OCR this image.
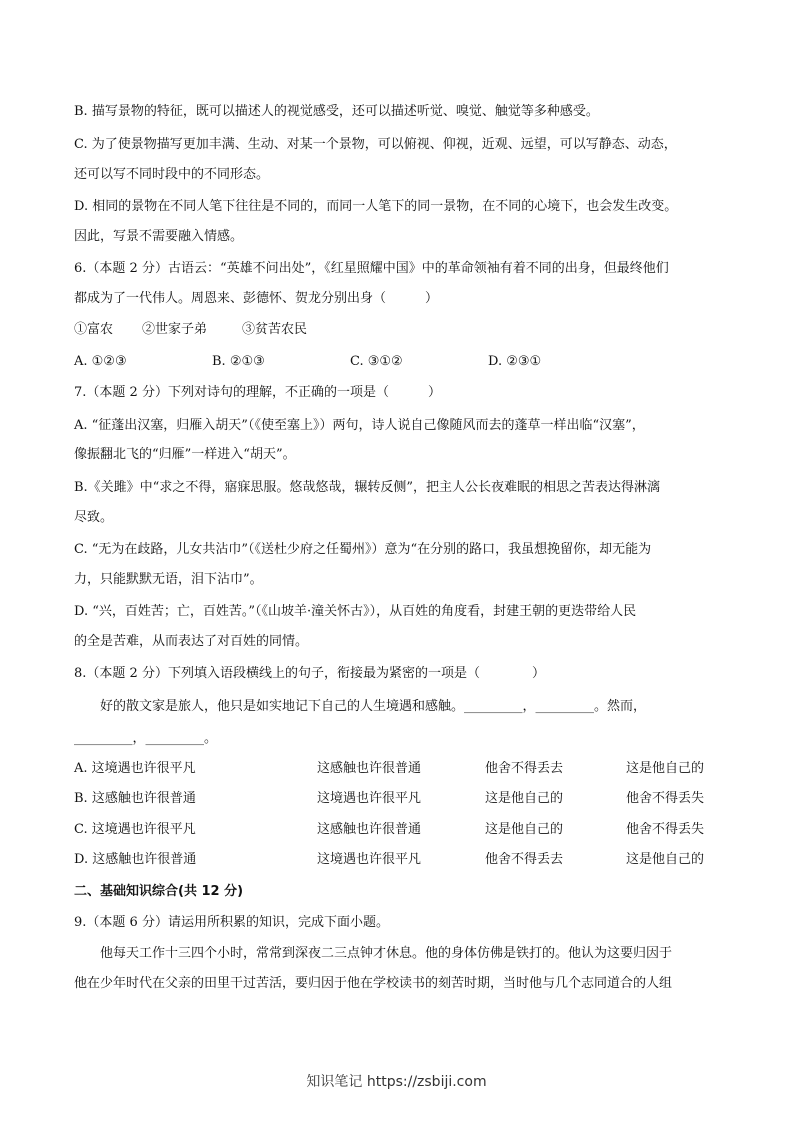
B. 描写景物的特征，既可以描述人的视觉感受，还可以描述听觉、嗅觉、触觉等多种感受。
C. 为了使景物描写更加丰满、生动、对某一个景物，可以俯视、仰视，近观、远望，可以写静态、动态，
还可以写不同时段中的不同形态。
D. 相同的景物在不同人笔下往往是不同的，而同一人笔下的同一景物，在不同的心境下，也会发生改变。
因此，写景不需要融入情感。
6.（本题 2 分）古语云：“英雄不问出处”，《红星照耀中国》中的革命领袖有着不同的出身，但最终他们
都成为了一代伟人。周恩来、彭德怀、贺龙分别出身（　　　）
①富农 ②世家子弟	③贫苦农民
A. ①②③	B. ②①③	C. ③①②	D. ②③①
7.（本题 2 分）下列对诗句的理解，不正确的一项是（　　　）
A. “征蓬出汉塞，归雁入胡天”（《使至塞上》）两句，诗人说自己像随风而去的蓬草一样出临“汉塞”，
像振翻北飞的“归雁”一样进入“胡天”。
B.《关雎》中“求之不得，寤寐思服。悠哉悠哉，辗转反侧”，把主人公长夜难眠的相思之苦表达得淋漓
尽致。
C. “无为在歧路，儿女共沾巾”（《送杜少府之任蜀州》）意为“在分别的路口，我虽想挽留你，却无能为
力，只能默默无语，泪下沾巾”。
D. “兴，百姓苦；亡，百姓苦。”（《山坡羊·潼关怀古》），从百姓的角度看，封建王朝的更迭带给人民
的全是苦难，从而表达了对百姓的同情。
8.（本题 2 分）下列填入语段横线上的句子，衔接最为紧密的一项是（　　　　）
好的散文家是旅人，他只是如实地记下自己的人生境遇和感触。_________，_________。然而，
_________，_________。
A. 这境遇也许很平凡	这感触也许很普通	他舍不得丢去	这是他自己的
B. 这感触也许很普通	这境遇也许很平凡	这是他自己的	他舍不得丢失
C. 这境遇也许很平凡	这感触也许很普通	这是他自己的	他舍不得丢失
D. 这感触也许很普通	这境遇也许很平凡	他舍不得丢去	这是他自己的
二、基础知识综合(共 12 分)
9.（本题 6 分）请运用所积累的知识，完成下面小题。
他每天工作十三四个小时，常常到深夜二三点钟才休息。他的身体仿佛是铁打的。他认为这要归因于
他在少年时代在父亲的田里干过苦活，要归因于他在学校读书的刻苦时期，当时他与几个志同道合的人组
知识笔记 https://zsbiji.com
